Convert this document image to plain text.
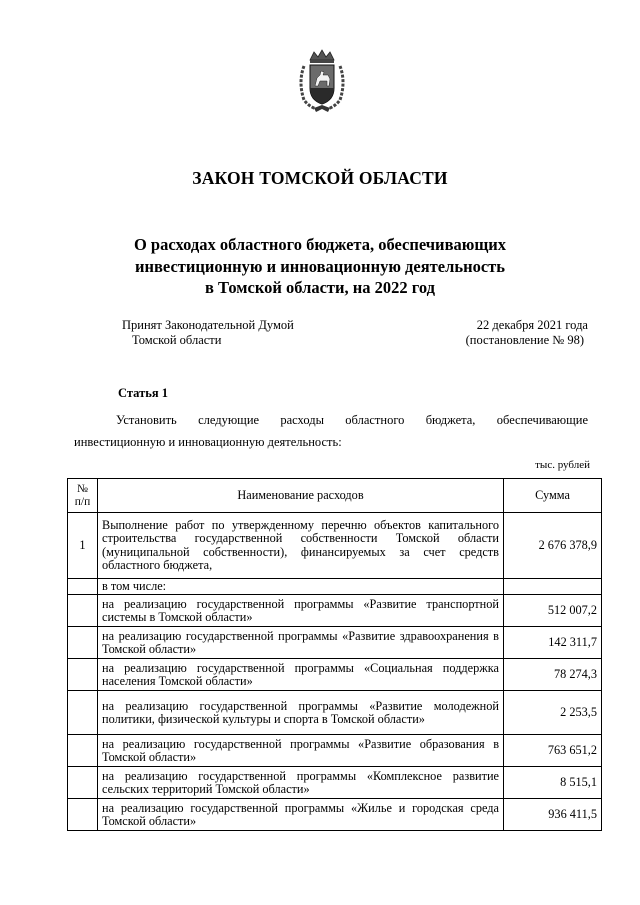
ЗАКОН ТОМСКОЙ ОБЛАСТИ
О расходах областного бюджета, обеспечивающих
инвестиционную и инновационную деятельность
в Томской области, на 2022 год
Принят Законодательной Думой
Томской области
22 декабря 2021 года
(постановление № 98)
Статья 1
Установить следующие расходы областного бюджета, обеспечивающие инвестиционную и инновационную деятельность:
тыс. рублей
№ п/п	Наименование расходов	Сумма
1	Выполнение работ по утвержденному перечню объектов капитального строительства государственной собственности Томской области (муниципальной собственности), финансируемых за счет средств областного бюджета,	2 676 378,9
	в том числе:	
	на реализацию государственной программы «Развитие транспортной системы в Томской области»	512 007,2
	на реализацию государственной программы «Развитие здравоохранения в Томской области»	142 311,7
	на реализацию государственной программы «Социальная поддержка населения Томской области»	78 274,3
	на реализацию государственной программы «Развитие молодежной политики, физической культуры и спорта в Томской области»	2 253,5
	на реализацию государственной программы «Развитие образования в Томской области»	763 651,2
	на реализацию государственной программы «Комплексное развитие сельских территорий Томской области»	8 515,1
	на реализацию государственной программы «Жилье и городская среда Томской области»	936 411,5
